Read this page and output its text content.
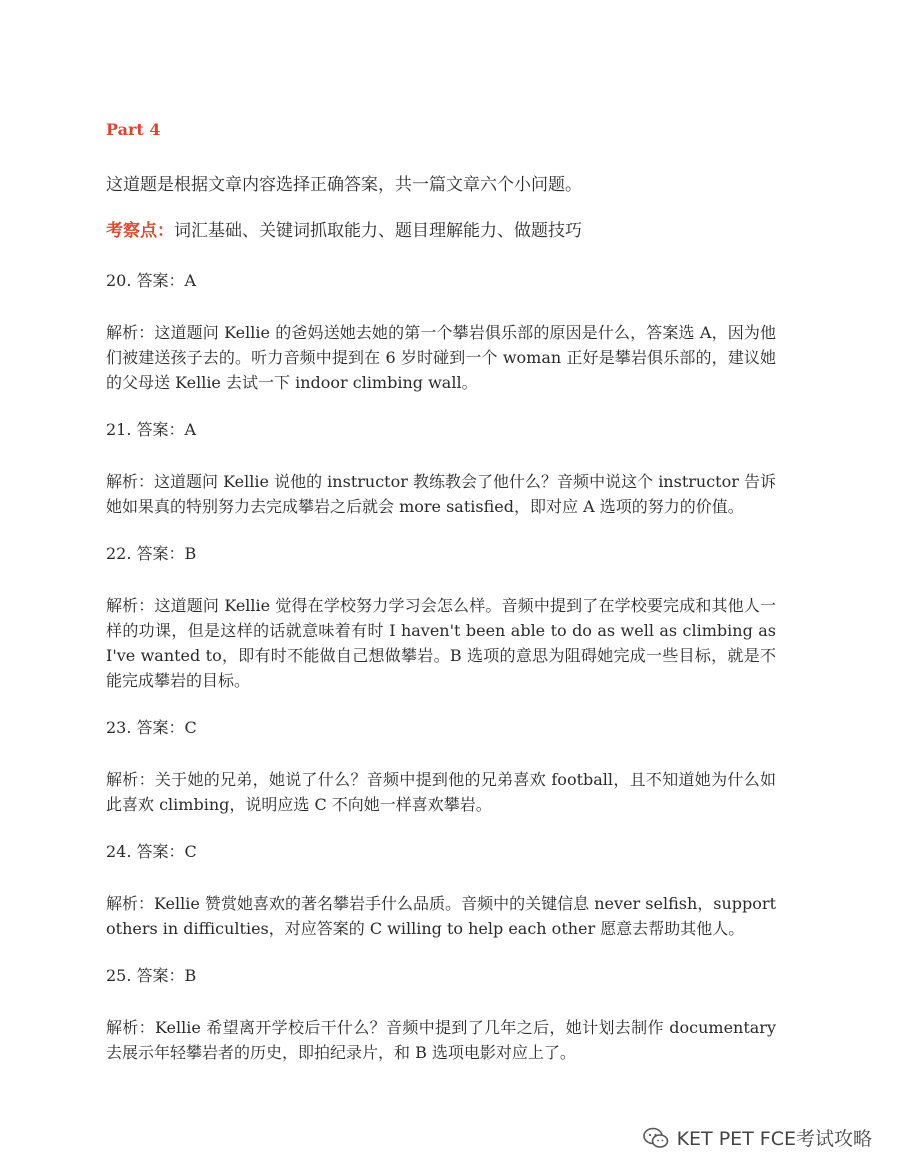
Part 4
这道题是根据文章内容选择正确答案，共一篇文章六个小问题。
考察点：词汇基础、关键词抓取能力、题目理解能力、做题技巧
20. 答案：A
解析：这道题问 Kellie 的爸妈送她去她的第一个攀岩俱乐部的原因是什么，答案选 A，因为他们被建送孩子去的。听力音频中提到在 6 岁时碰到一个 woman 正好是攀岩俱乐部的，建议她的父母送 Kellie 去试一下 indoor climbing wall。
21. 答案：A
解析：这道题问 Kellie 说他的 instructor 教练教会了他什么？音频中说这个 instructor 告诉她如果真的特别努力去完成攀岩之后就会 more satisfied，即对应 A 选项的努力的价值。
22. 答案：B
解析：这道题问 Kellie 觉得在学校努力学习会怎么样。音频中提到了在学校要完成和其他人一样的功课，但是这样的话就意味着有时 I haven't been able to do as well as climbing as I've wanted to，即有时不能做自己想做攀岩。B 选项的意思为阻碍她完成一些目标，就是不能完成攀岩的目标。
23. 答案：C
解析：关于她的兄弟，她说了什么？音频中提到他的兄弟喜欢 football，且不知道她为什么如此喜欢 climbing，说明应选 C 不向她一样喜欢攀岩。
24. 答案：C
解析：Kellie 赞赏她喜欢的著名攀岩手什么品质。音频中的关键信息 never selfish，support others in difficulties，对应答案的 C willing to help each other 愿意去帮助其他人。
25. 答案：B
解析：Kellie 希望离开学校后干什么？音频中提到了几年之后，她计划去制作 documentary 去展示年轻攀岩者的历史，即拍纪录片，和 B 选项电影对应上了。
KET PET FCE考试攻略
